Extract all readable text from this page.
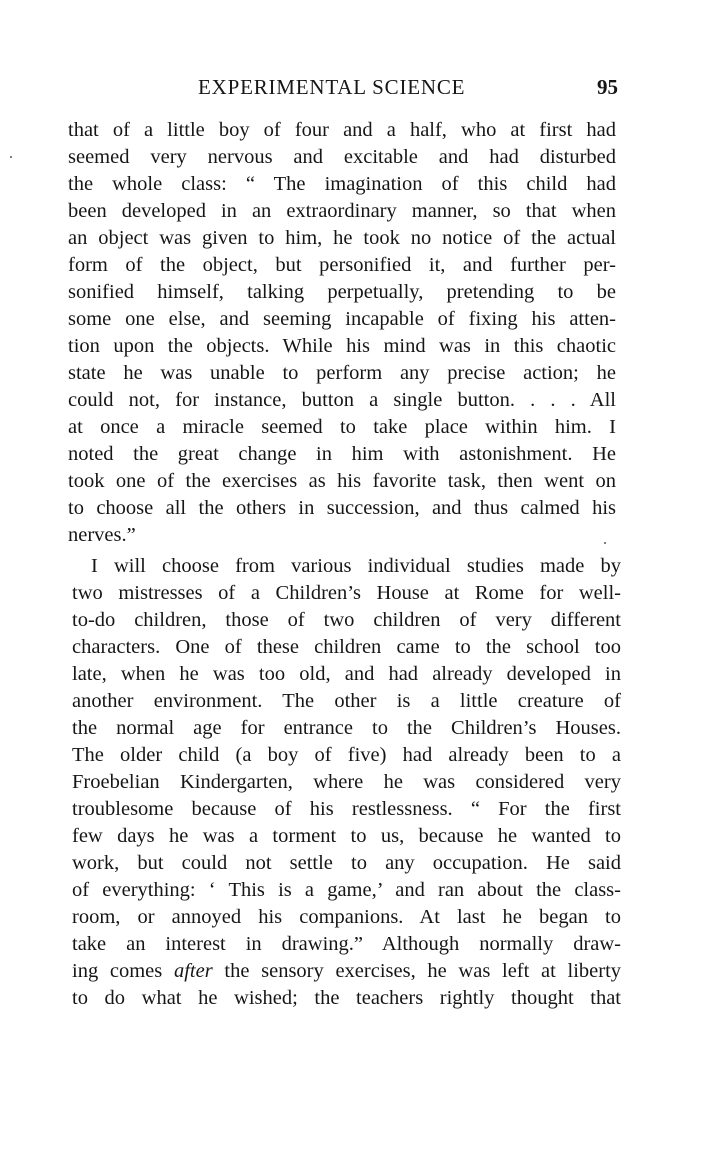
EXPERIMENTAL SCIENCE	95
that of a little boy of four and a half, who at first had
seemed very nervous and excitable and had disturbed
the whole class: “ The imagination of this child had
been developed in an extraordinary manner, so that when
an object was given to him, he took no notice of the actual
form of the object, but personified it, and further per-
sonified himself, talking perpetually, pretending to be
some one else, and seeming incapable of fixing his atten-
tion upon the objects. While his mind was in this chaotic
state he was unable to perform any precise action; he
could not, for instance, button a single button. . . . All
at once a miracle seemed to take place within him. I
noted the great change in him with astonishment. He
took one of the exercises as his favorite task, then went on
to choose all the others in succession, and thus calmed his
nerves.”
I will choose from various individual studies made by
two mistresses of a Children’s House at Rome for well-
to-do children, those of two children of very different
characters. One of these children came to the school too
late, when he was too old, and had already developed in
another environment. The other is a little creature of
the normal age for entrance to the Children’s Houses.
The older child (a boy of five) had already been to a
Froebelian Kindergarten, where he was considered very
troublesome because of his restlessness. “ For the first
few days he was a torment to us, because he wanted to
work, but could not settle to any occupation. He said
of everything: ‘ This is a game,’ and ran about the class-
room, or annoyed his companions. At last he began to
take an interest in drawing.” Although normally draw-
ing comes after the sensory exercises, he was left at liberty
to do what he wished; the teachers rightly thought that
